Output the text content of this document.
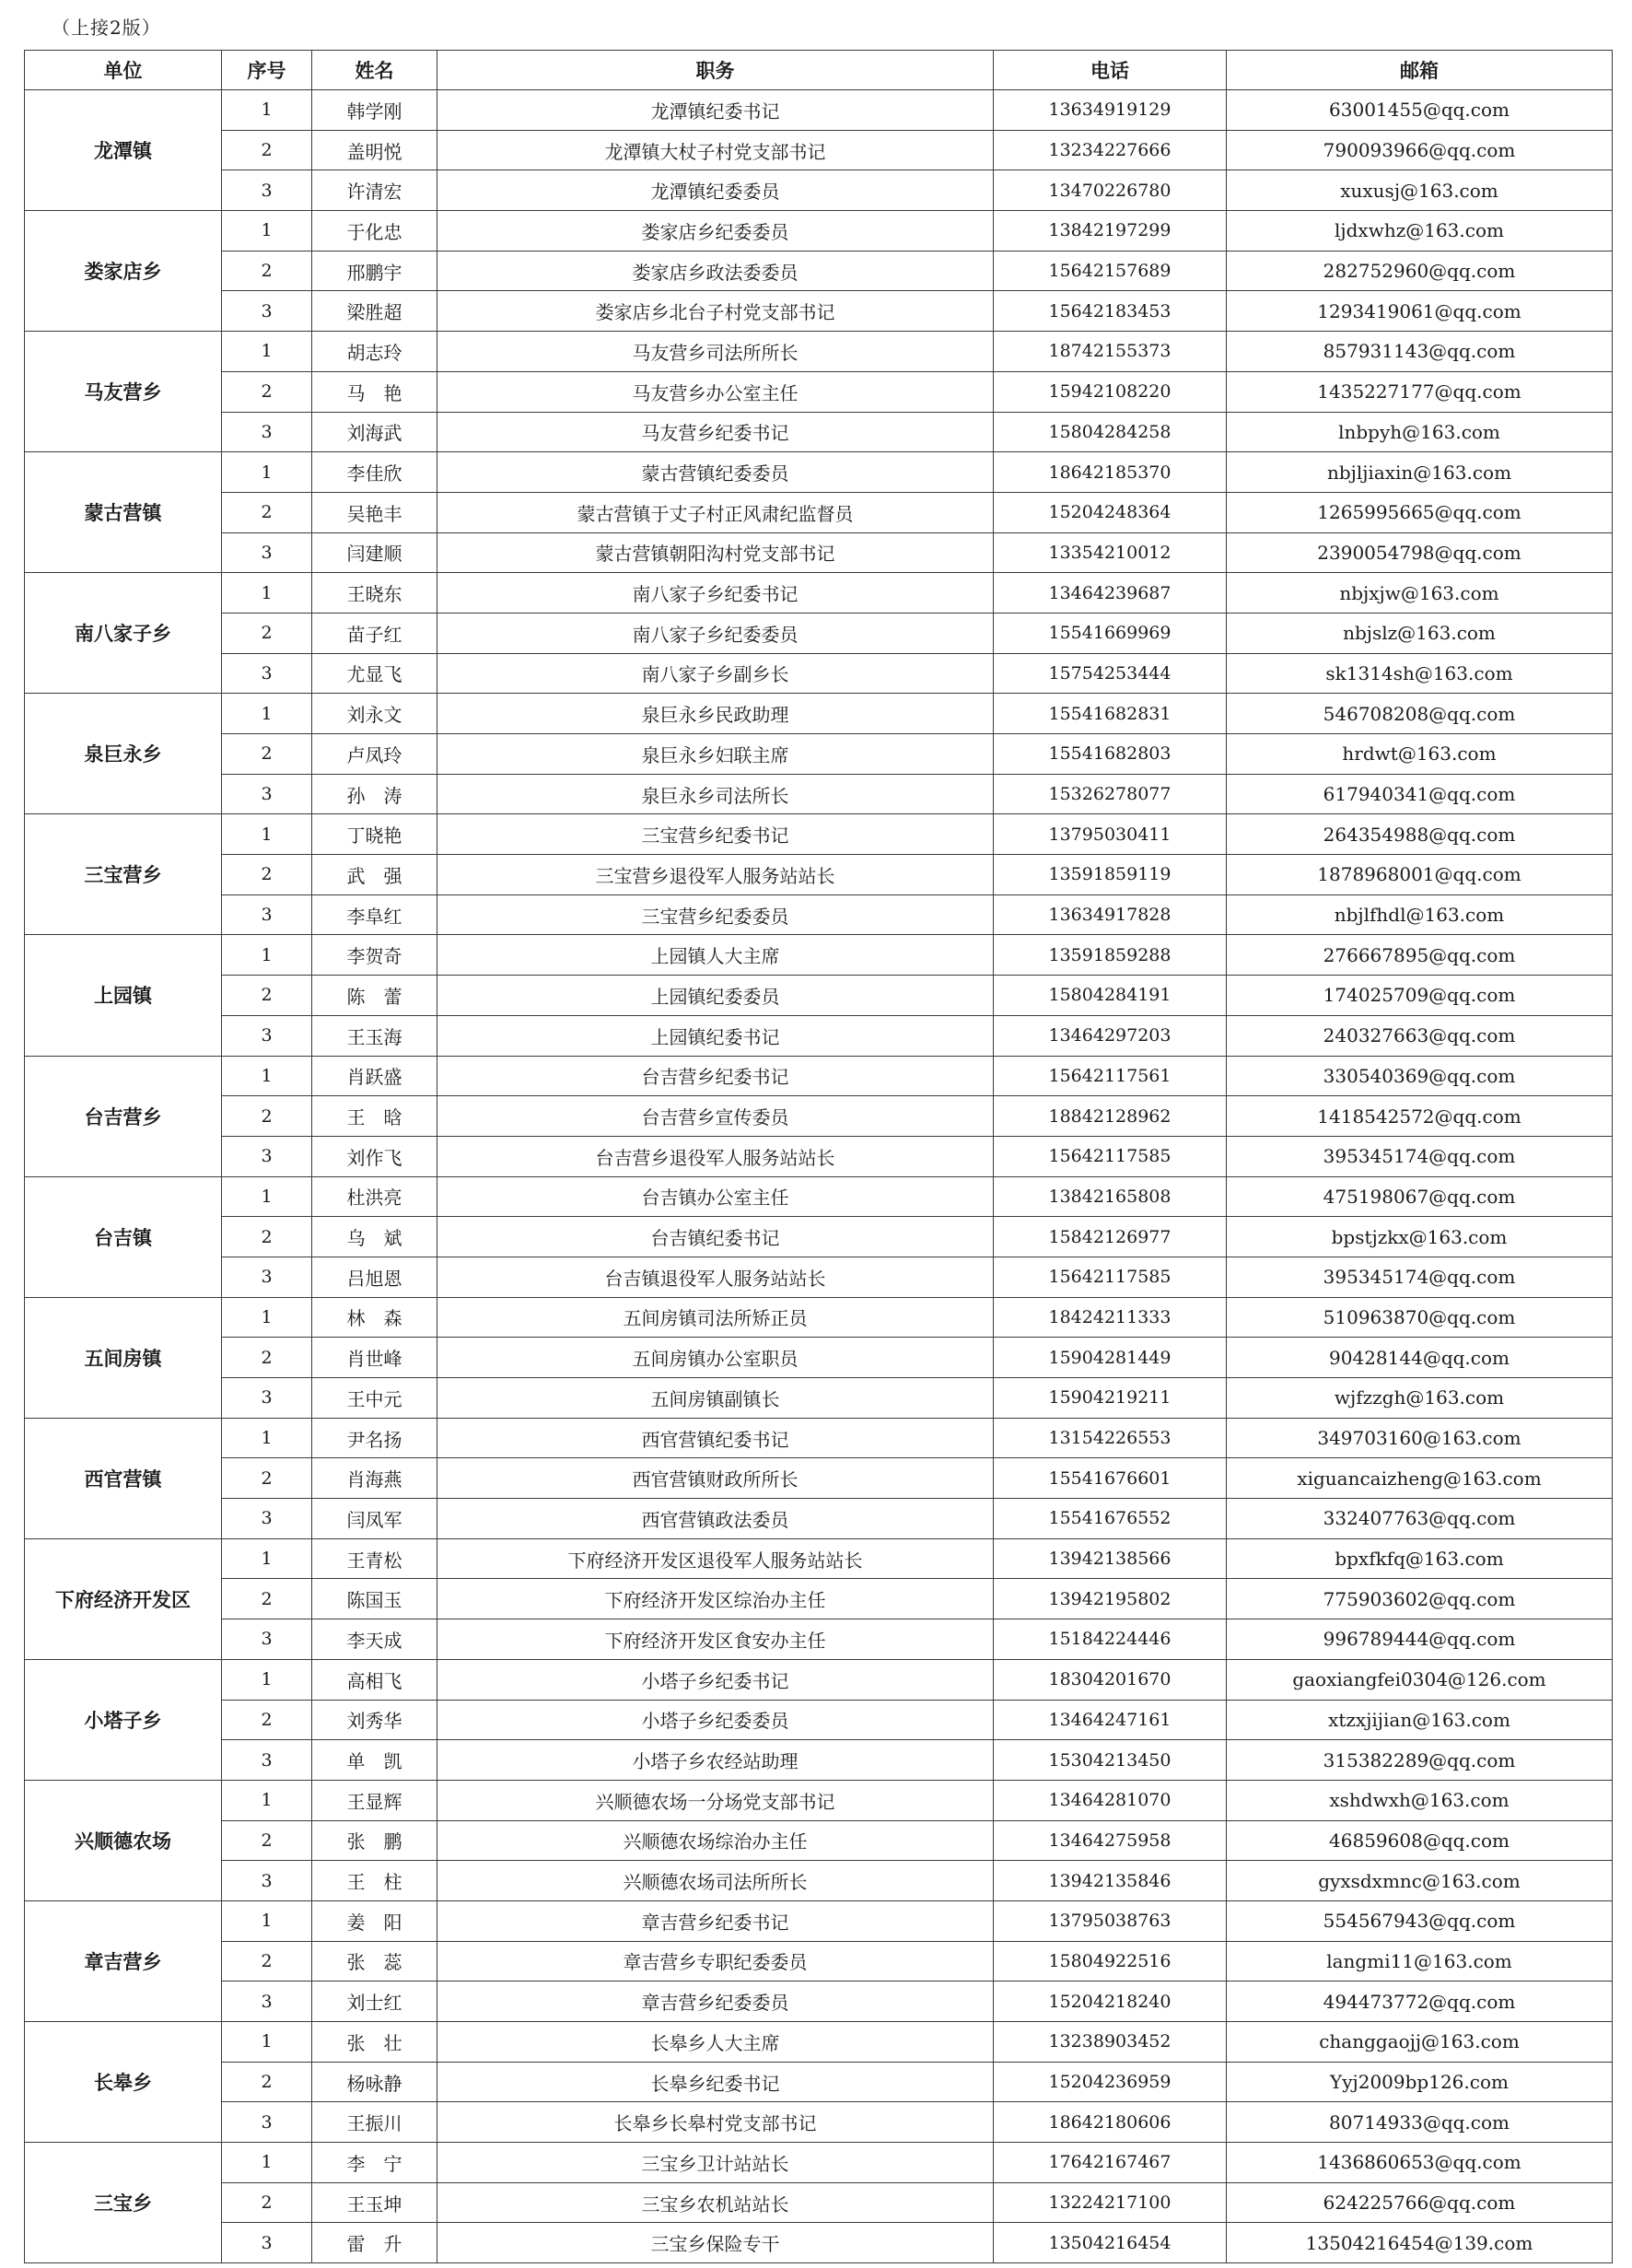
（上接2版）
单位	序号	姓名	职务	电话	邮箱
龙潭镇	1	韩学刚	龙潭镇纪委书记	13634919129	63001455@qq.com
	2	盖明悦	龙潭镇大杖子村党支部书记	13234227666	790093966@qq.com
	3	许清宏	龙潭镇纪委委员	13470226780	xuxusj@163.com
娄家店乡	1	于化忠	娄家店乡纪委委员	13842197299	ljdxwhz@163.com
	2	邢鹏宇	娄家店乡政法委委员	15642157689	282752960@qq.com
	3	梁胜超	娄家店乡北台子村党支部书记	15642183453	1293419061@qq.com
马友营乡	1	胡志玲	马友营乡司法所所长	18742155373	857931143@qq.com
	2	马　艳	马友营乡办公室主任	15942108220	1435227177@qq.com
	3	刘海武	马友营乡纪委书记	15804284258	lnbpyh@163.com
蒙古营镇	1	李佳欣	蒙古营镇纪委委员	18642185370	nbjljiaxin@163.com
	2	吴艳丰	蒙古营镇于丈子村正风肃纪监督员	15204248364	1265995665@qq.com
	3	闫建顺	蒙古营镇朝阳沟村党支部书记	13354210012	2390054798@qq.com
南八家子乡	1	王晓东	南八家子乡纪委书记	13464239687	nbjxjw@163.com
	2	苗子红	南八家子乡纪委委员	15541669969	nbjslz@163.com
	3	尤显飞	南八家子乡副乡长	15754253444	sk1314sh@163.com
泉巨永乡	1	刘永文	泉巨永乡民政助理	15541682831	546708208@qq.com
	2	卢凤玲	泉巨永乡妇联主席	15541682803	hrdwt@163.com
	3	孙　涛	泉巨永乡司法所长	15326278077	617940341@qq.com
三宝营乡	1	丁晓艳	三宝营乡纪委书记	13795030411	264354988@qq.com
	2	武　强	三宝营乡退役军人服务站站长	13591859119	1878968001@qq.com
	3	李阜红	三宝营乡纪委委员	13634917828	nbjlfhdl@163.com
上园镇	1	李贺奇	上园镇人大主席	13591859288	276667895@qq.com
	2	陈　蕾	上园镇纪委委员	15804284191	174025709@qq.com
	3	王玉海	上园镇纪委书记	13464297203	240327663@qq.com
台吉营乡	1	肖跃盛	台吉营乡纪委书记	15642117561	330540369@qq.com
	2	王　晗	台吉营乡宣传委员	18842128962	1418542572@qq.com
	3	刘作飞	台吉营乡退役军人服务站站长	15642117585	395345174@qq.com
台吉镇	1	杜洪亮	台吉镇办公室主任	13842165808	475198067@qq.com
	2	乌　斌	台吉镇纪委书记	15842126977	bpstjzkx@163.com
	3	吕旭恩	台吉镇退役军人服务站站长	15642117585	395345174@qq.com
五间房镇	1	林　森	五间房镇司法所矫正员	18424211333	510963870@qq.com
	2	肖世峰	五间房镇办公室职员	15904281449	90428144@qq.com
	3	王中元	五间房镇副镇长	15904219211	wjfzzgh@163.com
西官营镇	1	尹名扬	西官营镇纪委书记	13154226553	349703160@163.com
	2	肖海燕	西官营镇财政所所长	15541676601	xiguancaizheng@163.com
	3	闫凤军	西官营镇政法委员	15541676552	332407763@qq.com
下府经济开发区	1	王青松	下府经济开发区退役军人服务站站长	13942138566	bpxfkfq@163.com
	2	陈国玉	下府经济开发区综治办主任	13942195802	775903602@qq.com
	3	李天成	下府经济开发区食安办主任	15184224446	996789444@qq.com
小塔子乡	1	高相飞	小塔子乡纪委书记	18304201670	gaoxiangfei0304@126.com
	2	刘秀华	小塔子乡纪委委员	13464247161	xtzxjijian@163.com
	3	单　凯	小塔子乡农经站助理	15304213450	315382289@qq.com
兴顺德农场	1	王显辉	兴顺德农场一分场党支部书记	13464281070	xshdwxh@163.com
	2	张　鹏	兴顺德农场综治办主任	13464275958	46859608@qq.com
	3	王　柱	兴顺德农场司法所所长	13942135846	gyxsdxmnc@163.com
章吉营乡	1	姜　阳	章吉营乡纪委书记	13795038763	554567943@qq.com
	2	张　蕊	章吉营乡专职纪委委员	15804922516	langmi11@163.com
	3	刘士红	章吉营乡纪委委员	15204218240	494473772@qq.com
长皋乡	1	张　壮	长皋乡人大主席	13238903452	changgaojj@163.com
	2	杨咏静	长皋乡纪委书记	15204236959	Yyj2009bp126.com
	3	王振川	长皋乡长皋村党支部书记	18642180606	80714933@qq.com
三宝乡	1	李　宁	三宝乡卫计站站长	17642167467	1436860653@qq.com
	2	王玉坤	三宝乡农机站站长	13224217100	624225766@qq.com
	3	雷　升	三宝乡保险专干	13504216454	13504216454@139.com
